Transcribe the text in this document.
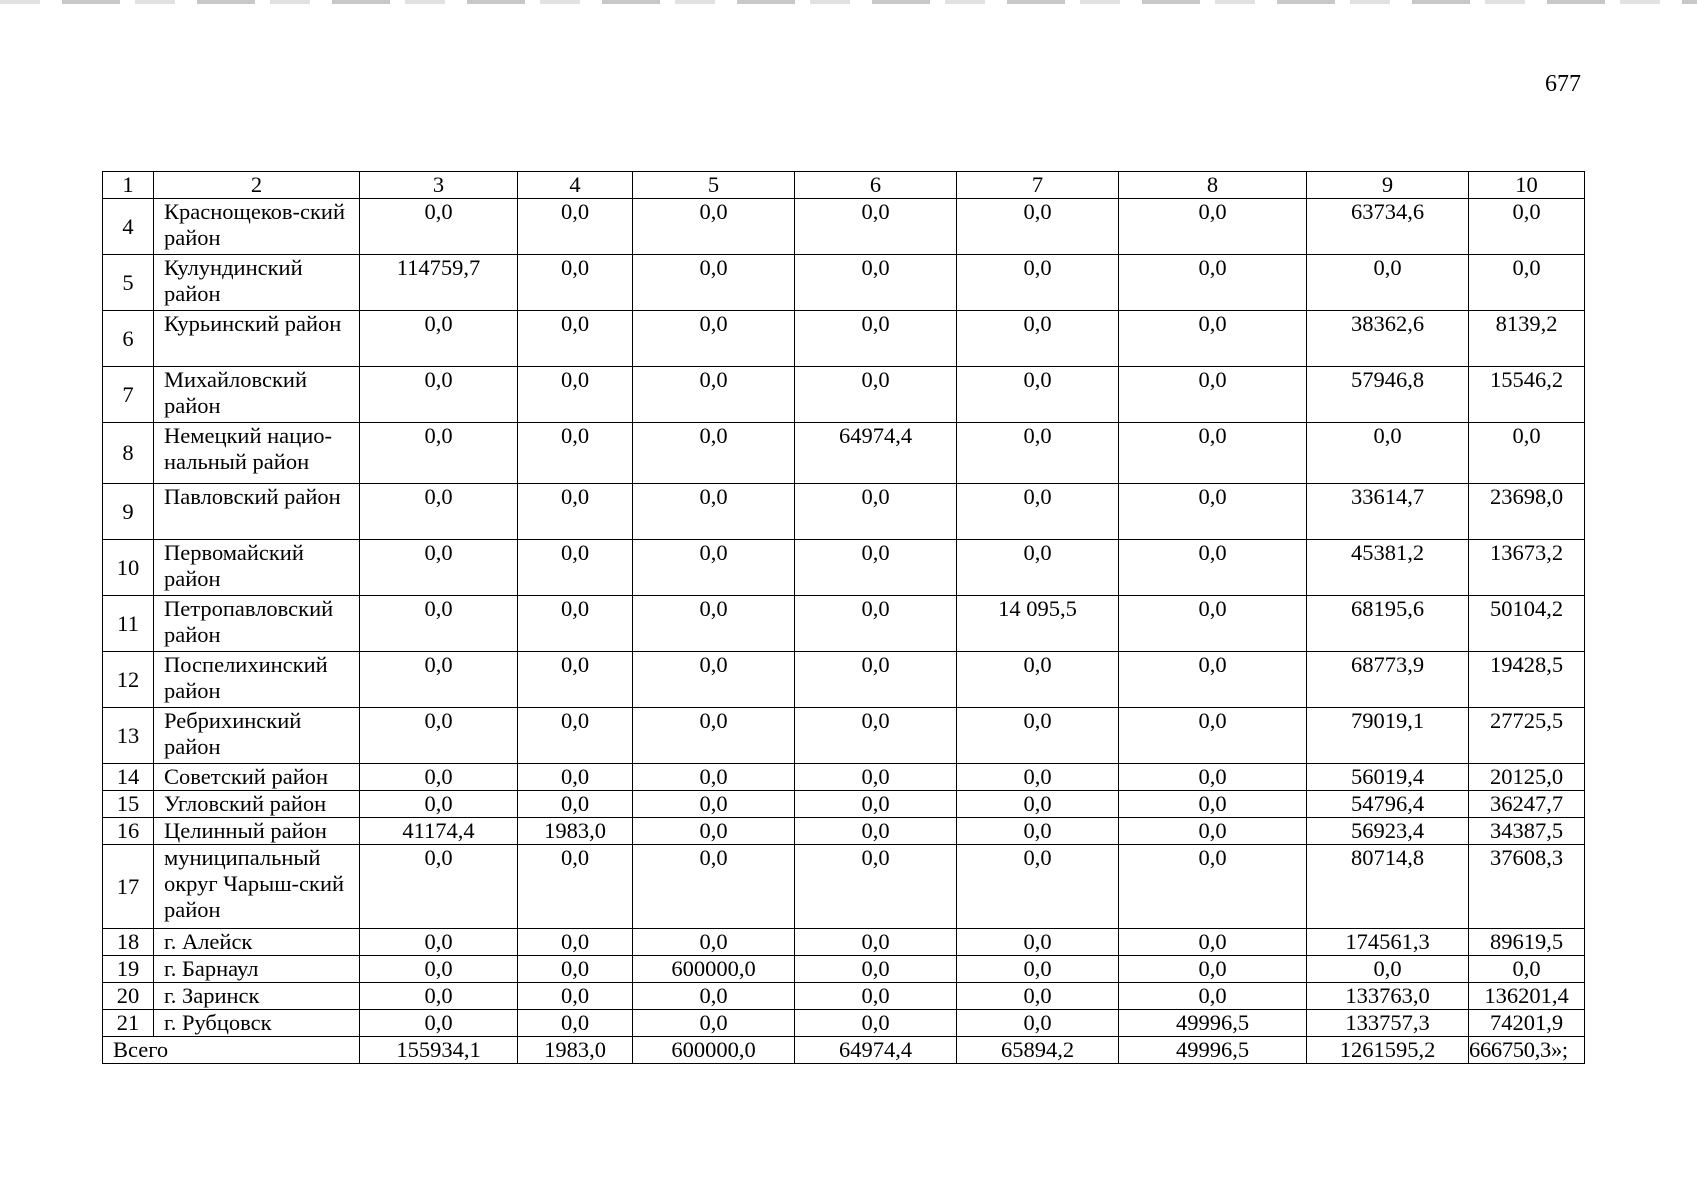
677
1	2	3	4	5	6	7	8	9	10
4	Краснощеков-ский район	0,0	0,0	0,0	0,0	0,0	0,0	63734,6	0,0
5	Кулундинский район	114759,7	0,0	0,0	0,0	0,0	0,0	0,0	0,0
6	Курьинский район	0,0	0,0	0,0	0,0	0,0	0,0	38362,6	8139,2
7	Михайловский район	0,0	0,0	0,0	0,0	0,0	0,0	57946,8	15546,2
8	Немецкий нацио-нальный район	0,0	0,0	0,0	64974,4	0,0	0,0	0,0	0,0
9	Павловский район	0,0	0,0	0,0	0,0	0,0	0,0	33614,7	23698,0
10	Первомайский район	0,0	0,0	0,0	0,0	0,0	0,0	45381,2	13673,2
11	Петропавловский район	0,0	0,0	0,0	0,0	14 095,5	0,0	68195,6	50104,2
12	Поспелихинский район	0,0	0,0	0,0	0,0	0,0	0,0	68773,9	19428,5
13	Ребрихинский район	0,0	0,0	0,0	0,0	0,0	0,0	79019,1	27725,5
14	Советский район	0,0	0,0	0,0	0,0	0,0	0,0	56019,4	20125,0
15	Угловский район	0,0	0,0	0,0	0,0	0,0	0,0	54796,4	36247,7
16	Целинный район	41174,4	1983,0	0,0	0,0	0,0	0,0	56923,4	34387,5
17	муниципальный округ Чарыш-ский район	0,0	0,0	0,0	0,0	0,0	0,0	80714,8	37608,3
18	г. Алейск	0,0	0,0	0,0	0,0	0,0	0,0	174561,3	89619,5
19	г. Барнаул	0,0	0,0	600000,0	0,0	0,0	0,0	0,0	0,0
20	г. Заринск	0,0	0,0	0,0	0,0	0,0	0,0	133763,0	136201,4
21	г. Рубцовск	0,0	0,0	0,0	0,0	0,0	49996,5	133757,3	74201,9
Всего		155934,1	1983,0	600000,0	64974,4	65894,2	49996,5	1261595,2	666750,3»;
